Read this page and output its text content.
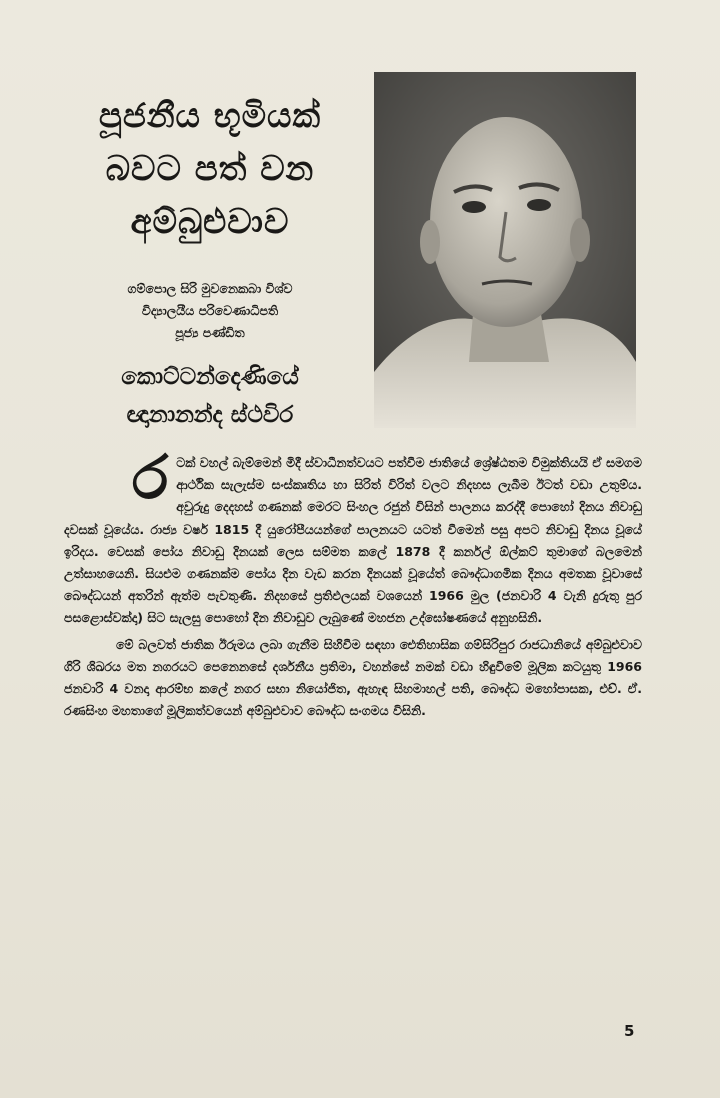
පූජනීය භූමියක්
බවට පත් වන
අම්බුළුවාව
ගම්පොල සිරි මුවනෙකබා විශ්ව
විද්‍යාලයීය පරිවෙණාධිපති
පූජ්‍ය පණ්ඩිත
කොට්ටන්දෙණියේ
ඥානානන්ද ස්ථවිර

රටක් වහල් බැම්මෙන් මිදී ස්වාධීනත්වයට පත්වීම ජාතියේ ශ්‍රේෂ්ඨතම විමුක්තියයි ඒ සමගම ආර්ථික සැලැස්ම සංස්කෘතිය හා සිරිත් විරිත් වලට නිදහස ලැබීම ඊටත් වඩා උතුම්ය. අවුරුදු දෙදහස් ගණනක් මෙරට සිංහල රජුන් විසින් පාලනය කරද්දී පොහෝ දිනය නිවාඩු දවසක් වූයේය. රාජ්‍ය වර්ෂ 1815 දී යුරෝපීයයන්ගේ පාලනයට යටත් වීමෙන් පසු අපට නිවාඩු දිනය වූයේ ඉරිදය. වෙසක් පෝය නිවාඩු දිනයක් ලෙස සම්මත කලේ 1878 දී කර්නල් ඕල්කට් තුමාගේ බලමෙන් උත්සාහයෙනි. සියළුම ගණනක්ම පෝය දින වැඩ කරන දිනයක් වූයේත් බෞද්ධාගමික දිනය අමතක වූවාසේ බෞද්ධයන් අතරින් ඇත්ම පැවතුණි. නිදහසේ ප්‍රතිඵලයක් වශයෙන් 1966 මුල (ජනවාරි 4 වැනි දුරුතු පුර පසළොස්වක්දා) සිට සැලසු පොහෝ දින නිවාඩුව ලැබුණේ මහජන උද්ඝෝෂණයේ අනුහසිනි.

මේ බලවත් ජාතික ඊරුමය ලබා ගැනීම සිහිවීම සඳහා ඓතිහාසික ගම්සිරිපුර රාජධානියේ අම්බුළුවාව ගිරි ශිඛරය මත නගරයට පෙනෙනසේ දර්ශනීය ප්‍රතිමා, වහන්සේ නමක් වඩා හිඳුවීමේ මූලික කටයුතු 1966 ජනවාරි 4 වනදා ආරම්භ කලේ නගර සභා නියෝජිත, ඇහැඳ සිහමාහල් පති, බෞද්ධ මහෝපාසක, එච්. ඒ. රණසිංහ මහතාගේ මූලිකත්වයෙන් අම්බුළුවාව බෞද්ධ සංගමය විසිනි.

5
